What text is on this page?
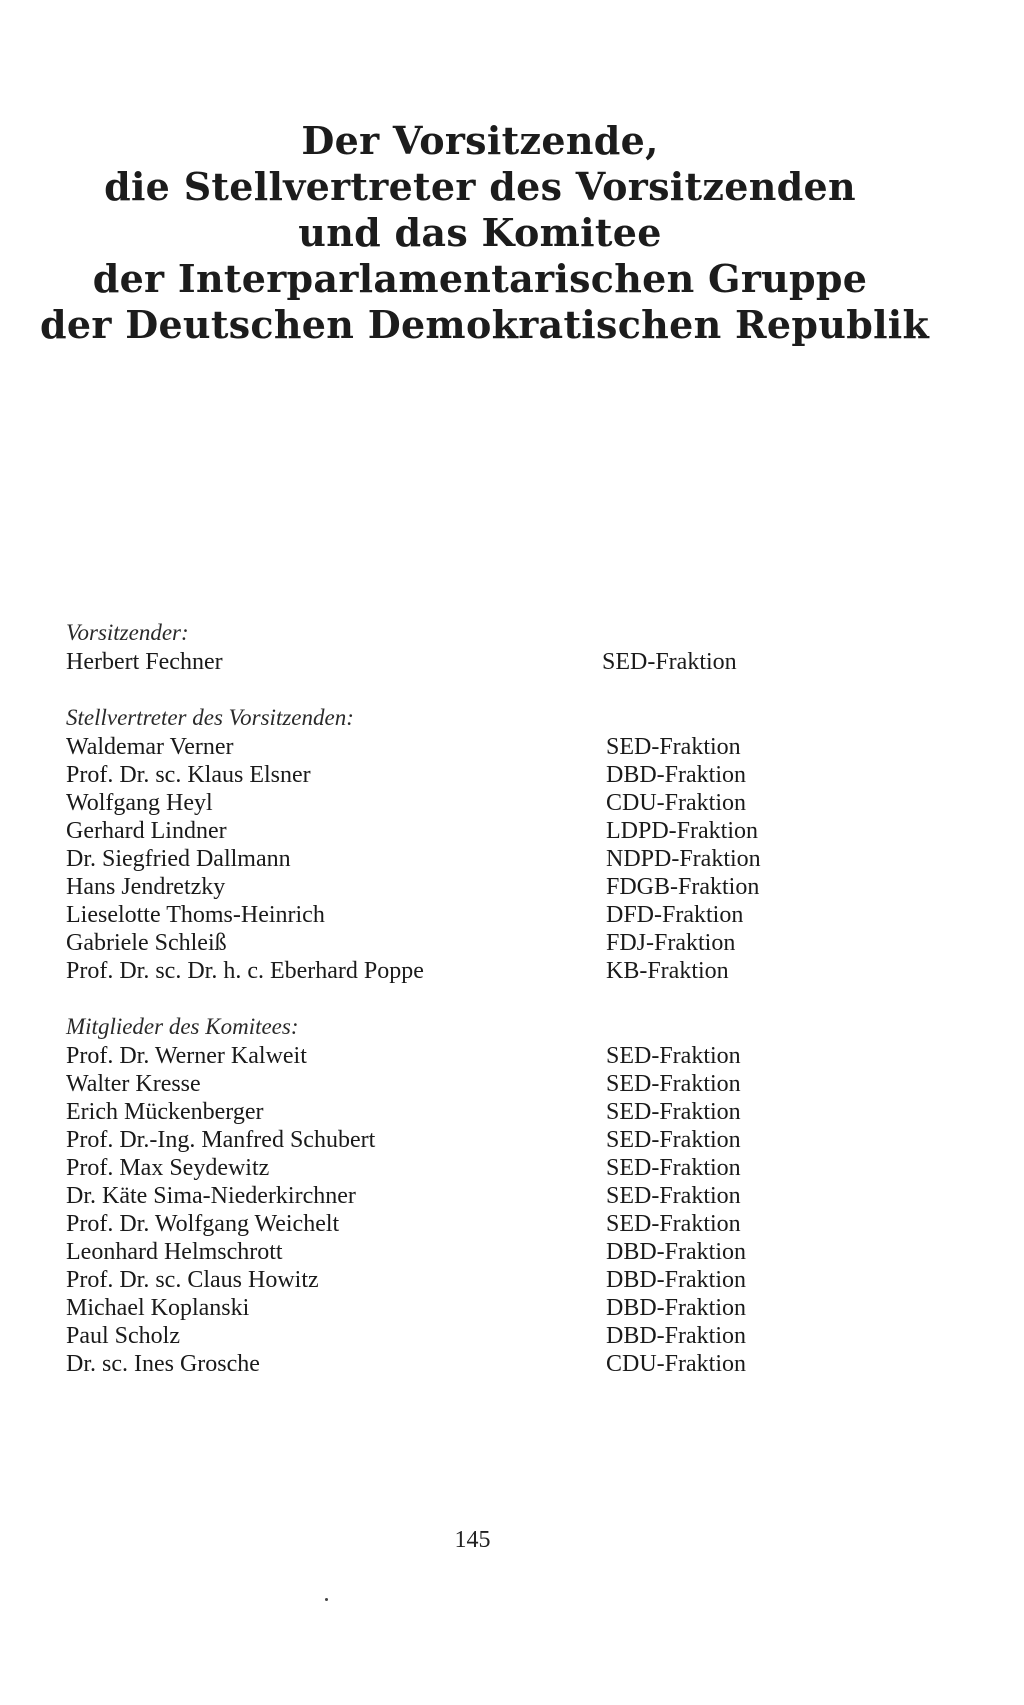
Der Vorsitzende,
die Stellvertreter des Vorsitzenden
und das Komitee
der Interparlamentarischen Gruppe
der Deutschen Demokratischen Republik
Vorsitzender:
Herbert Fechner	SED-Fraktion
Stellvertreter des Vorsitzenden:
Waldemar Verner	SED-Fraktion
Prof. Dr. sc. Klaus Elsner	DBD-Fraktion
Wolfgang Heyl	CDU-Fraktion
Gerhard Lindner	LDPD-Fraktion
Dr. Siegfried Dallmann	NDPD-Fraktion
Hans Jendretzky	FDGB-Fraktion
Lieselotte Thoms-Heinrich	DFD-Fraktion
Gabriele Schleiß	FDJ-Fraktion
Prof. Dr. sc. Dr. h. c. Eberhard Poppe	KB-Fraktion
Mitglieder des Komitees:
Prof. Dr. Werner Kalweit	SED-Fraktion
Walter Kresse	SED-Fraktion
Erich Mückenberger	SED-Fraktion
Prof. Dr.-Ing. Manfred Schubert	SED-Fraktion
Prof. Max Seydewitz	SED-Fraktion
Dr. Käte Sima-Niederkirchner	SED-Fraktion
Prof. Dr. Wolfgang Weichelt	SED-Fraktion
Leonhard Helmschrott	DBD-Fraktion
Prof. Dr. sc. Claus Howitz	DBD-Fraktion
Michael Koplanski	DBD-Fraktion
Paul Scholz	DBD-Fraktion
Dr. sc. Ines Grosche	CDU-Fraktion
145
